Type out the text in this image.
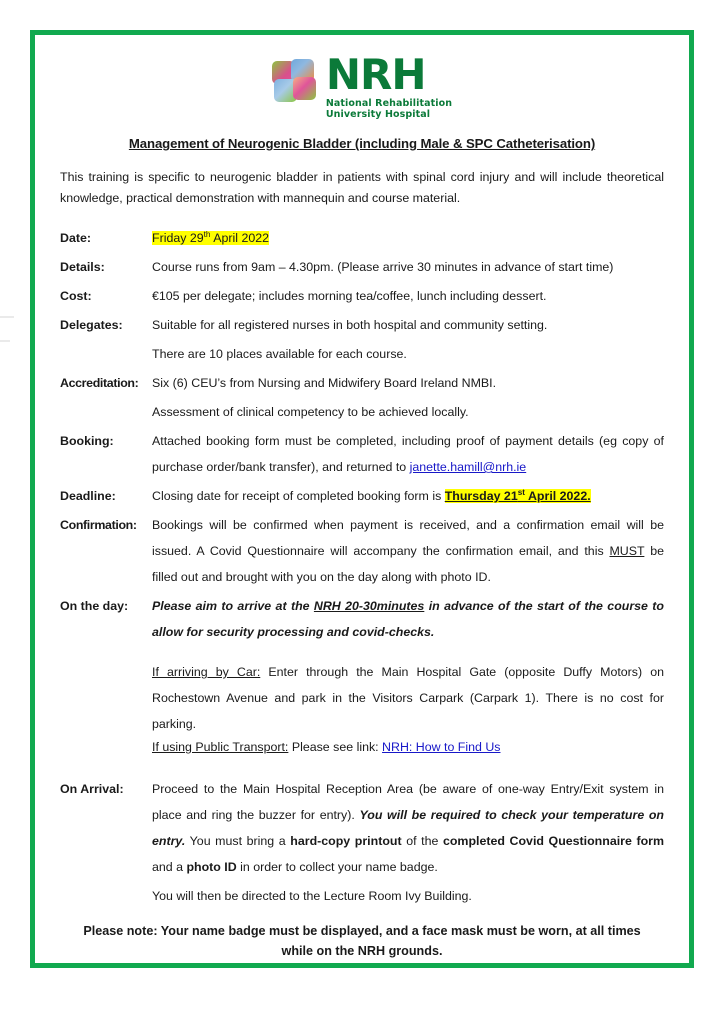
NRH
National Rehabilitation
University Hospital
Management of Neurogenic Bladder (including Male & SPC Catheterisation)
This training is specific to neurogenic bladder in patients with spinal cord injury and will include theoretical knowledge, practical demonstration with mannequin and course material.
Date:	Friday 29th April 2022
Details:	Course runs from 9am – 4.30pm. (Please arrive 30 minutes in advance of start time)
Cost:	€105 per delegate; includes morning tea/coffee, lunch including dessert.
Delegates:	Suitable for all registered nurses in both hospital and community setting.
There are 10 places available for each course.
Accreditation:	Six (6) CEU’s from Nursing and Midwifery Board Ireland NMBI.
Assessment of clinical competency to be achieved locally.
Booking:	Attached booking form must be completed, including proof of payment details (eg copy of purchase order/bank transfer), and returned to janette.hamill@nrh.ie
Deadline:	Closing date for receipt of completed booking form is Thursday 21st April 2022.
Confirmation:	Bookings will be confirmed when payment is received, and a confirmation email will be issued. A Covid Questionnaire will accompany the confirmation email, and this MUST be filled out and brought with you on the day along with photo ID.
On the day:	Please aim to arrive at the NRH 20-30minutes in advance of the start of the course to allow for security processing and covid-checks.
If arriving by Car: Enter through the Main Hospital Gate (opposite Duffy Motors) on Rochestown Avenue and park in the Visitors Carpark (Carpark 1). There is no cost for parking.
If using Public Transport: Please see link: NRH: How to Find Us
On Arrival:	Proceed to the Main Hospital Reception Area (be aware of one-way Entry/Exit system in place and ring the buzzer for entry). You will be required to check your temperature on entry. You must bring a hard-copy printout of the completed Covid Questionnaire form and a photo ID in order to collect your name badge.
You will then be directed to the Lecture Room Ivy Building.
Please note: Your name badge must be displayed, and a face mask must be worn, at all times while on the NRH grounds.
